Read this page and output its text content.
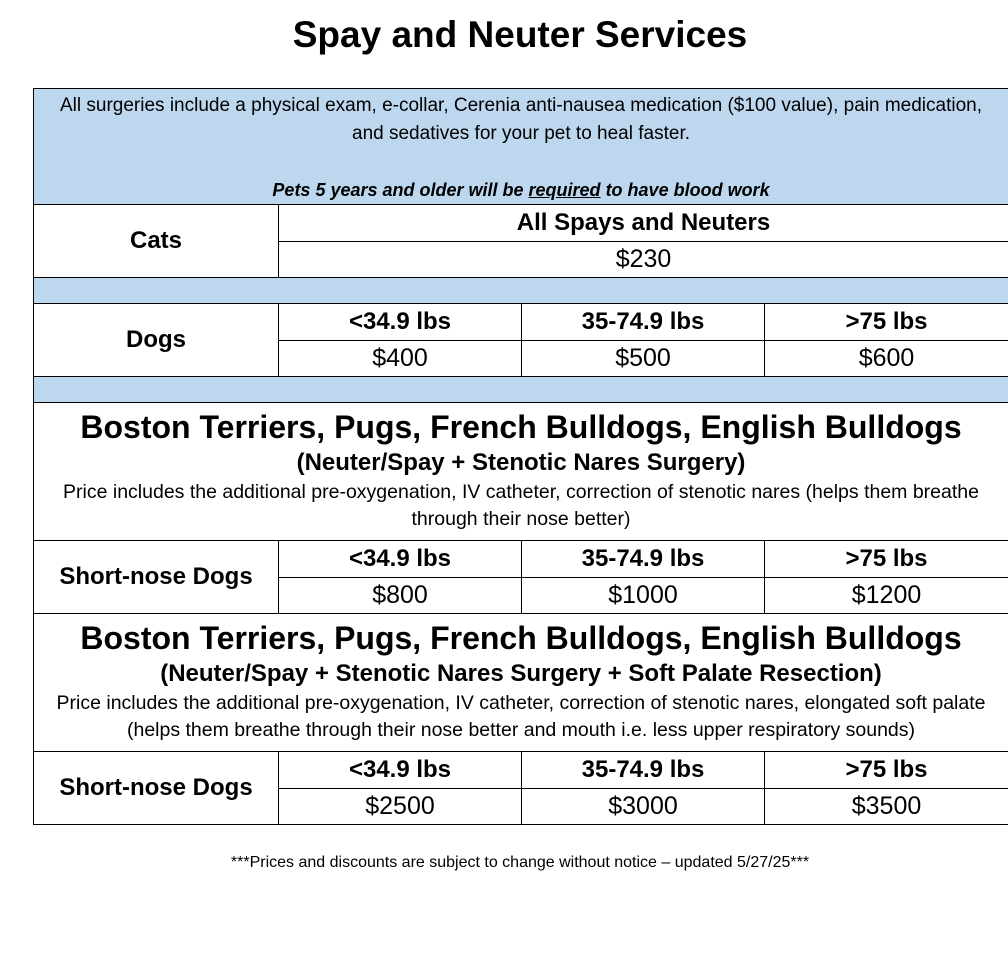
Spay and Neuter Services
All surgeries include a physical exam, e-collar, Cerenia anti-nausea medication ($100 value), pain medication, and sedatives for your pet to heal faster.
Pets 5 years and older will be required to have blood work			

Cats	All Spays and Neuters		
	$230		

Dogs	<34.9 lbs	35-74.9 lbs	>75 lbs
	$400	$500	$600

Boston Terriers, Pugs, French Bulldogs, English Bulldogs
(Neuter/Spay + Stenotic Nares Surgery)
Price includes the additional pre-oxygenation, IV catheter, correction of stenotic nares (helps them breathe through their nose better)			

Short-nose Dogs	<34.9 lbs	35-74.9 lbs	>75 lbs
	$800	$1000	$1200

Boston Terriers, Pugs, French Bulldogs, English Bulldogs
(Neuter/Spay + Stenotic Nares Surgery + Soft Palate Resection)
Price includes the additional pre-oxygenation, IV catheter, correction of stenotic nares, elongated soft palate (helps them breathe through their nose better and mouth i.e. less upper respiratory sounds)			

Short-nose Dogs	<34.9 lbs	35-74.9 lbs	>75 lbs
	$2500	$3000	$3500
***Prices and discounts are subject to change without notice – updated 5/27/25***
